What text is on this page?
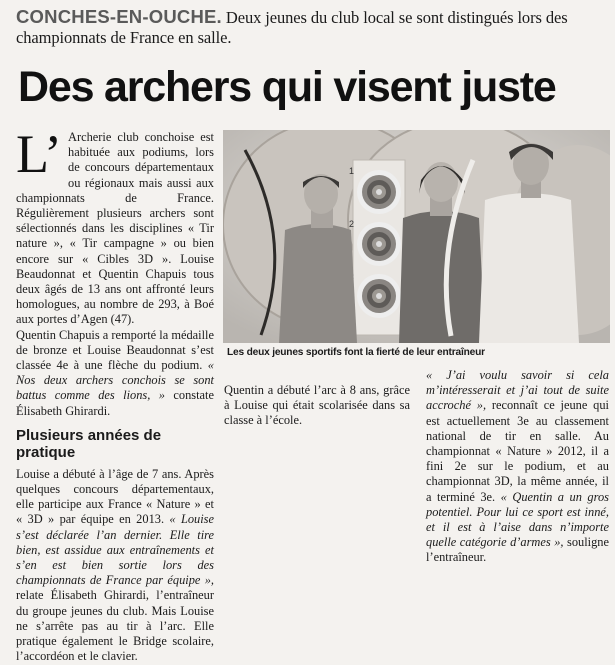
CONCHES-EN-OUCHE. Deux jeunes du club local se sont distingués lors des championnats de France en salle.
Des archers qui visent juste

L’ Archerie club conchoise est habituée aux podiums, lors de concours départementaux ou régionaux mais aussi aux championnats de France. Régulièrement plusieurs archers sont sélectionnés dans les disciplines « Tir nature », « Tir campagne » ou bien encore sur « Cibles 3D ». Louise Beaudonnat et Quentin Chapuis tous deux âgés de 13 ans ont affronté leurs homologues, au nombre de 293, à Boé aux portes d’Agen (47).

Quentin Chapuis a remporté la médaille de bronze et Louise Beaudonnat s’est classée 4e à une flèche du podium. « Nos deux archers conchois se sont battus comme des lions, » constate Élisabeth Ghirardi.

Plusieurs années de pratique

Louise a débuté à l’âge de 7 ans. Après quelques concours départementaux, elle participe aux France « Nature » et « 3D » par équipe en 2013. « Louise s’est déclarée l’an dernier. Elle tire bien, est assidue aux entraînements et s’en est bien sortie lors des championnats de France par équipe », relate Élisabeth Ghirardi, l’entraîneur du groupe jeunes du club. Mais Louise ne s’arrête pas au tir à l’arc. Elle pratique également le Bridge scolaire, l’accordéon et le clavier.

1
2
Les deux jeunes sportifs font la fierté de leur entraîneur

Quentin a débuté l’arc à 8 ans, grâce à Louise qui était scolarisée dans sa classe à l’école.

« J’ai voulu savoir si cela m’intéresserait et j’ai tout de suite accroché », reconnaît ce jeune qui est actuellement 3e au classement national de tir en salle. Au championnat « Nature » 2012, il a fini 2e sur le podium, et au championnat 3D, la même année, il a terminé 3e. « Quentin a un gros potentiel. Pour lui ce sport est inné, et il est à l’aise dans n’importe quelle catégorie d’armes », souligne l’entraîneur.
